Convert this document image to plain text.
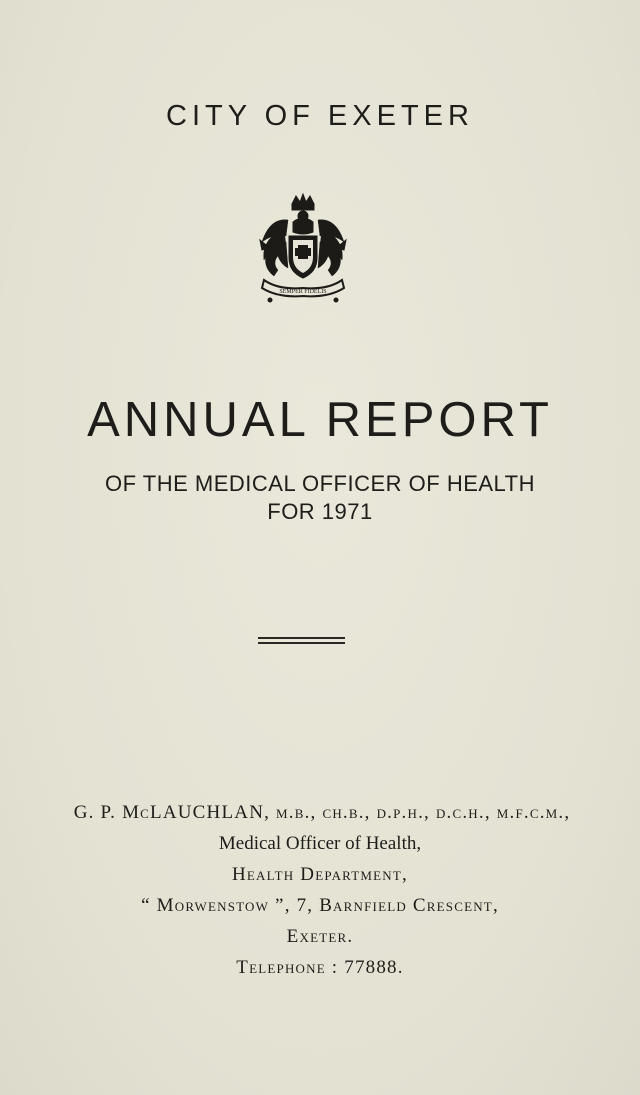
CITY OF EXETER
SEMPER FIDELIS
ANNUAL REPORT
OF THE MEDICAL OFFICER OF HEALTH
FOR 1971
G. P. McLAUCHLAN, m.b., ch.b., d.p.h., d.c.h., m.f.c.m.,
Medical Officer of Health,
Health Department,
“ Morwenstow ”, 7, Barnfield Crescent,
Exeter.
Telephone : 77888.
